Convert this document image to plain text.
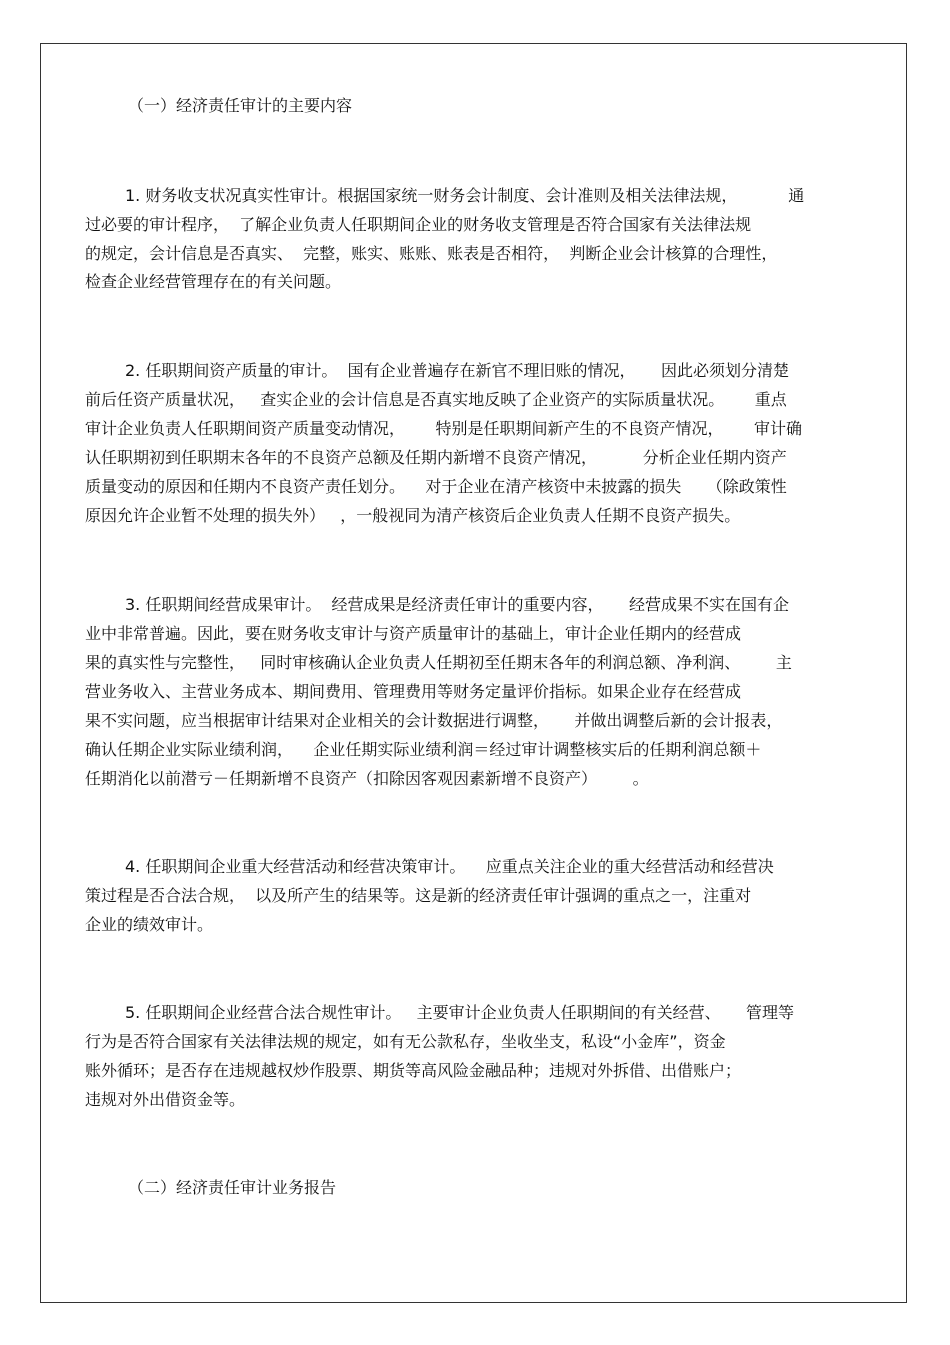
（一）经济责任审计的主要内容

1. 财务收支状况真实性审计。根据国家统一财务会计制度、会计准则及相关法律法规，          通

过必要的审计程序，  了解企业负责人任职期间企业的财务收支管理是否符合国家有关法律法规

的规定，会计信息是否真实、  完整，账实、账账、账表是否相符，  判断企业会计核算的合理性，

检查企业经营管理存在的有关问题。

2. 任职期间资产质量的审计。  国有企业普遍存在新官不理旧账的情况，     因此必须划分清楚

前后任资产质量状况，   查实企业的会计信息是否真实地反映了企业资产的实际质量状况。      重点

审计企业负责人任职期间资产质量变动情况，      特别是任职期间新产生的不良资产情况，      审计确

认任职期初到任职期末各年的不良资产总额及任期内新增不良资产情况，         分析企业任期内资产

质量变动的原因和任期内不良资产责任划分。    对于企业在清产核资中未披露的损失     （除政策性

原因允许企业暂不处理的损失外）   ，一般视同为清产核资后企业负责人任期不良资产损失。

3. 任职期间经营成果审计。  经营成果是经济责任审计的重要内容，     经营成果不实在国有企

业中非常普遍。因此，要在财务收支审计与资产质量审计的基础上，审计企业任期内的经营成

果的真实性与完整性，   同时审核确认企业负责人任期初至任期末各年的利润总额、净利润、       主

营业务收入、主营业务成本、期间费用、管理费用等财务定量评价指标。如果企业存在经营成

果不实问题，应当根据审计结果对企业相关的会计数据进行调整，     并做出调整后新的会计报表，

确认任期企业实际业绩利润，    企业任期实际业绩利润＝经过审计调整核实后的任期利润总额＋

任期消化以前潜亏－任期新增不良资产（扣除因客观因素新增不良资产）       。

4. 任职期间企业重大经营活动和经营决策审计。    应重点关注企业的重大经营活动和经营决

策过程是否合法合规，  以及所产生的结果等。这是新的经济责任审计强调的重点之一，注重对

企业的绩效审计。

5. 任职期间企业经营合法合规性审计。   主要审计企业负责人任职期间的有关经营、     管理等

行为是否符合国家有关法律法规的规定，如有无公款私存，坐收坐支，私设“小金库”，资金

账外循环；是否存在违规越权炒作股票、期货等高风险金融品种；违规对外拆借、出借账户；

违规对外出借资金等。

（二）经济责任审计业务报告
